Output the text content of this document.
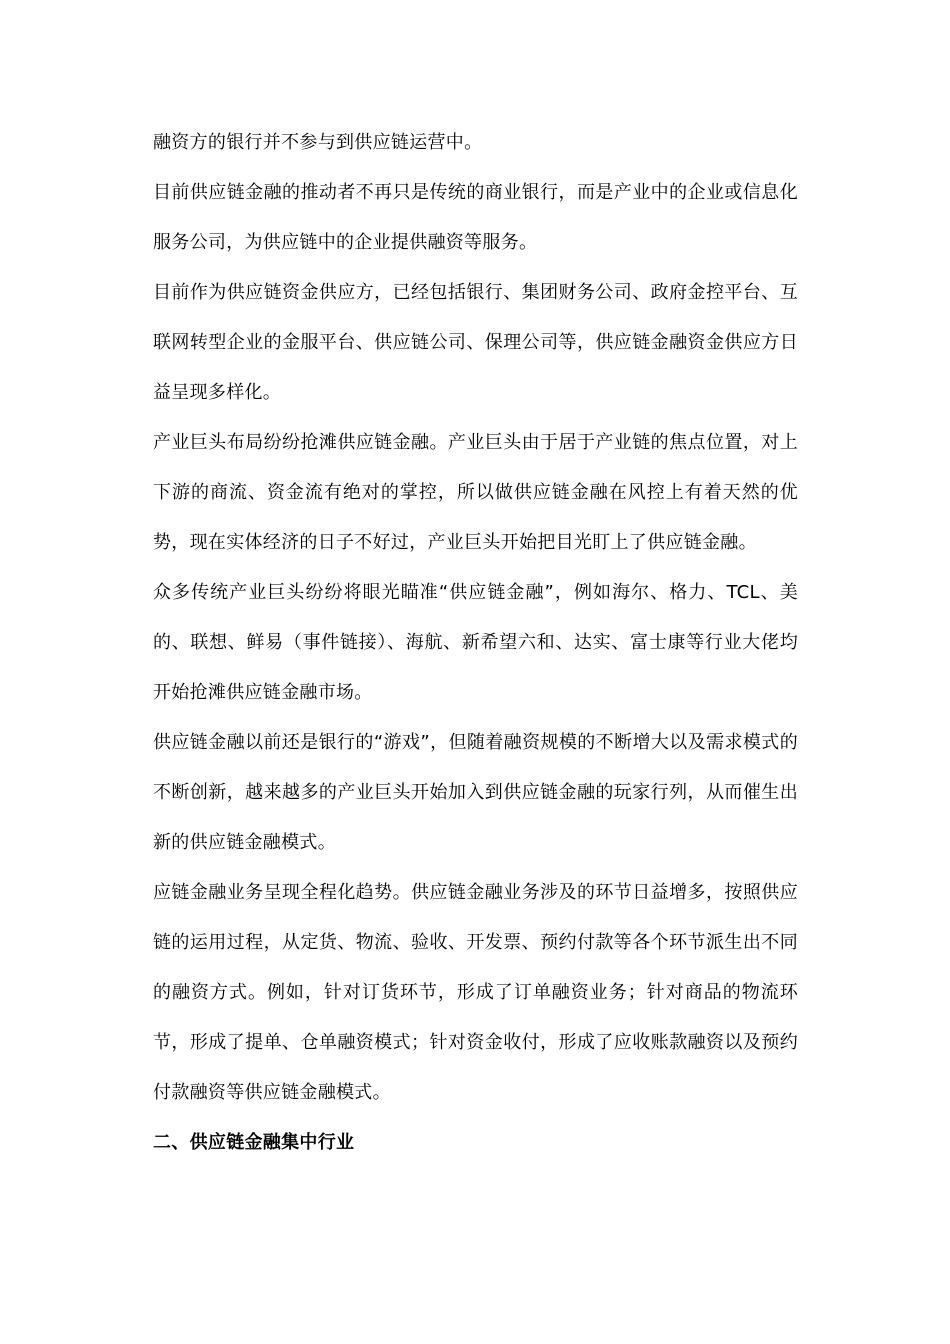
融资方的银行并不参与到供应链运营中。

目前供应链金融的推动者不再只是传统的商业银行，而是产业中的企业或信息化服务公司，为供应链中的企业提供融资等服务。

目前作为供应链资金供应方，已经包括银行、集团财务公司、政府金控平台、互联网转型企业的金服平台、供应链公司、保理公司等，供应链金融资金供应方日益呈现多样化。

产业巨头布局纷纷抢滩供应链金融。产业巨头由于居于产业链的焦点位置，对上下游的商流、资金流有绝对的掌控，所以做供应链金融在风控上有着天然的优势，现在实体经济的日子不好过，产业巨头开始把目光盯上了供应链金融。

众多传统产业巨头纷纷将眼光瞄准“供应链金融”，例如海尔、格力、TCL、美的、联想、鲜易（事件链接）、海航、新希望六和、达实、富士康等行业大佬均开始抢滩供应链金融市场。

供应链金融以前还是银行的“游戏”，但随着融资规模的不断增大以及需求模式的不断创新，越来越多的产业巨头开始加入到供应链金融的玩家行列，从而催生出新的供应链金融模式。

应链金融业务呈现全程化趋势。供应链金融业务涉及的环节日益增多，按照供应链的运用过程，从定货、物流、验收、开发票、预约付款等各个环节派生出不同的融资方式。例如，针对订货环节，形成了订单融资业务；针对商品的物流环节，形成了提单、仓单融资模式；针对资金收付，形成了应收账款融资以及预约付款融资等供应链金融模式。

二、供应链金融集中行业
